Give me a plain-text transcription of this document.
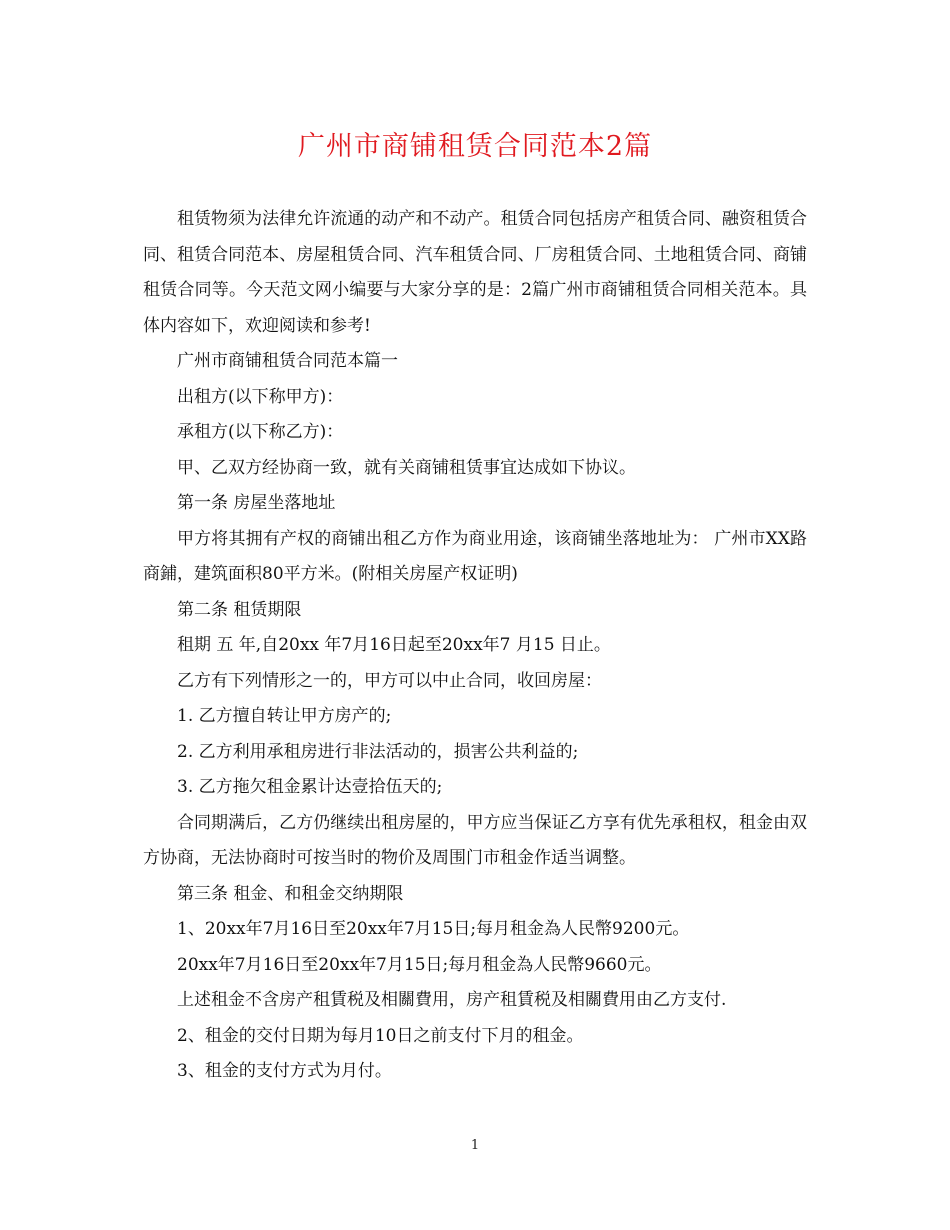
广州市商铺租赁合同范本2篇

租赁物须为法律允许流通的动产和不动产。租赁合同包括房产租赁合同、融资租赁合同、租赁合同范本、房屋租赁合同、汽车租赁合同、厂房租赁合同、土地租赁合同、商铺租赁合同等。今天范文网小编要与大家分享的是：2篇广州市商铺租赁合同相关范本。具体内容如下，欢迎阅读和参考!

广州市商铺租赁合同范本篇一

出租方(以下称甲方)：

承租方(以下称乙方)：

甲、乙双方经协商一致，就有关商铺租赁事宜达成如下协议。

第一条 房屋坐落地址

甲方将其拥有产权的商铺出租乙方作为商业用途，该商铺坐落地址为： 广州市XX路商鋪，建筑面积80平方米。(附相关房屋产权证明)

第二条 租赁期限

租期 五 年,自20xx 年7月16日起至20xx年7 月15 日止。

乙方有下列情形之一的，甲方可以中止合同，收回房屋：

1. 乙方擅自转让甲方房产的;

2. 乙方利用承租房进行非法活动的，损害公共利益的;

3. 乙方拖欠租金累计达壹拾伍天的;

合同期满后，乙方仍继续出租房屋的，甲方应当保证乙方享有优先承租权，租金由双方协商，无法协商时可按当时的物价及周围门市租金作适当调整。

第三条 租金、和租金交纳期限

1、20xx年7月16日至20xx年7月15日;每月租金為人民幣9200元。

20xx年7月16日至20xx年7月15日;每月租金為人民幣9660元。

上述租金不含房产租賃税及相關費用，房产租賃税及相關費用由乙方支付.

2、租金的交付日期为每月10日之前支付下月的租金。

3、租金的支付方式为月付。

1
